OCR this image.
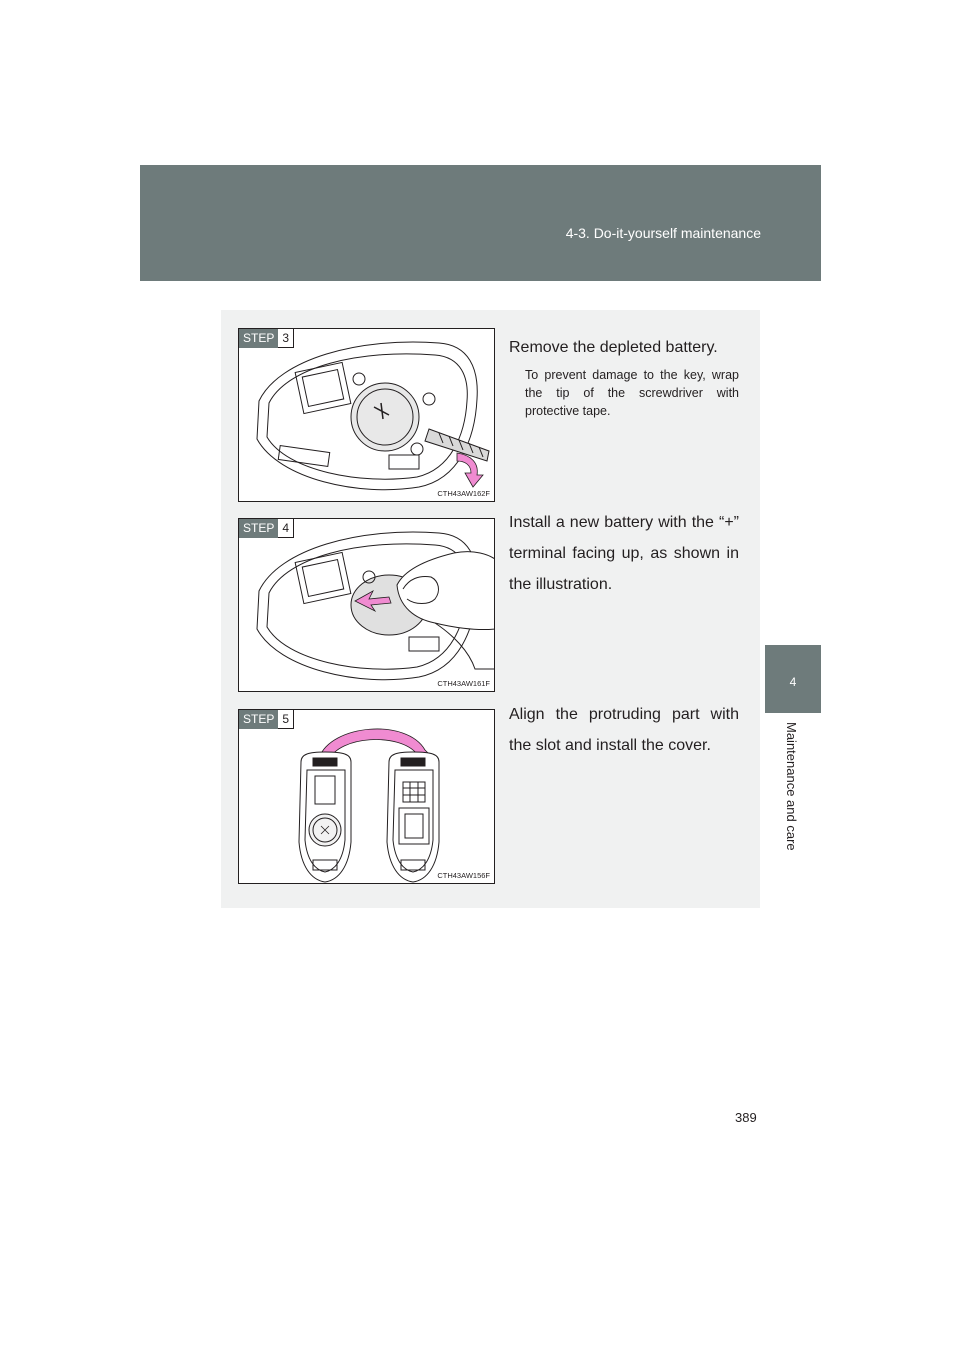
4-3. Do-it-yourself maintenance
4
Maintenance and care
STEP 3
CTH43AW162F
Remove the depleted battery.
To prevent damage to the key, wrap the tip of the screwdriver with protective tape.
STEP 4
CTH43AW161F
Install a new battery with the “+” terminal facing up, as shown in the illustration.
STEP 5
CTH43AW156F
Align the protruding part with the slot and install the cover.
389
